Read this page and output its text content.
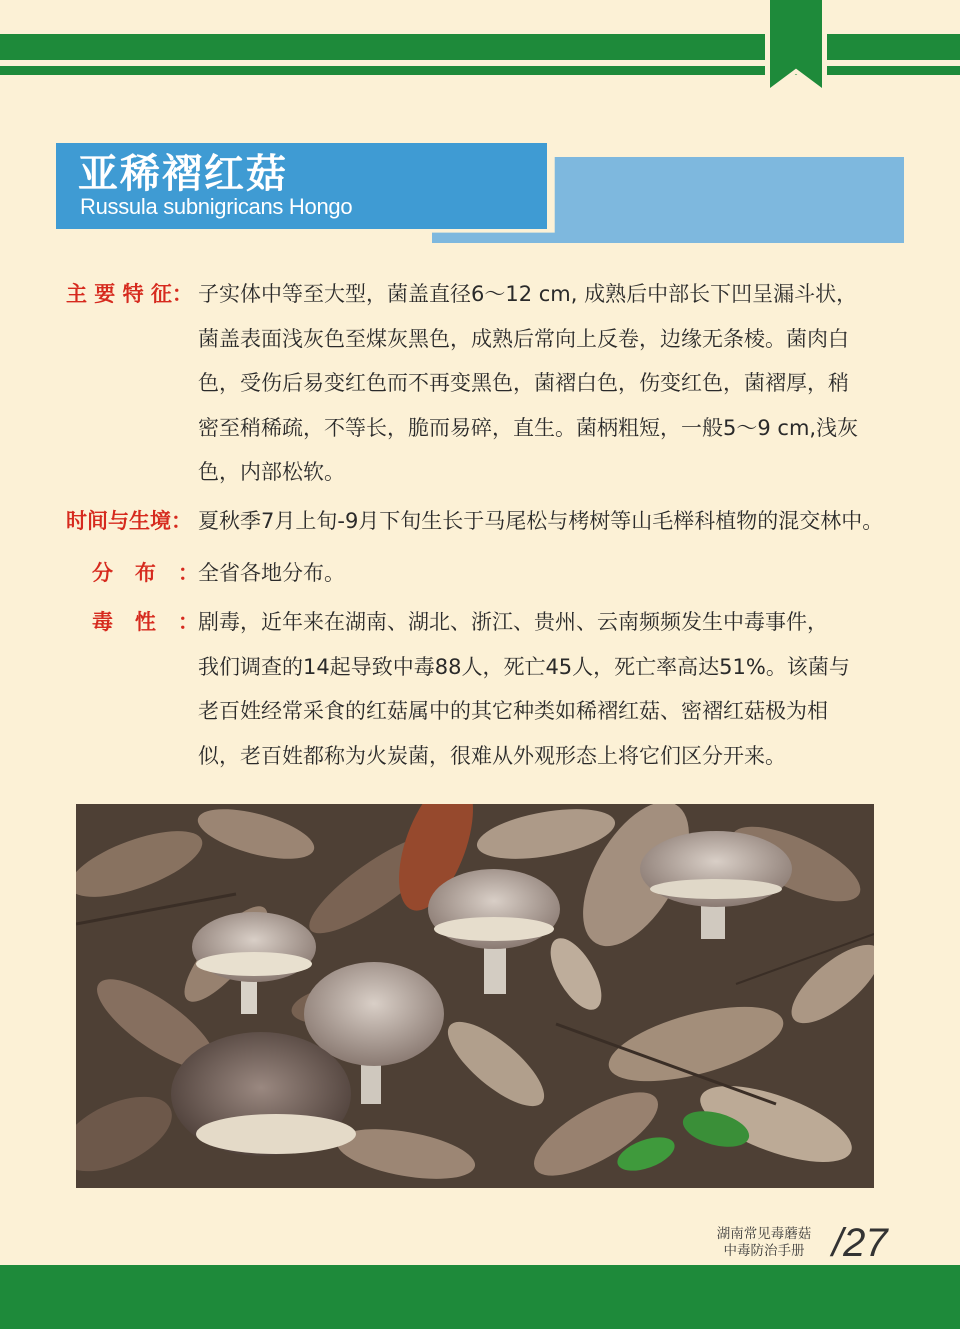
亚稀褶红菇
Russula subnigricans Hongo
主 要 特 征： 子实体中等至大型，菌盖直径6～12 cm, 成熟后中部长下凹呈漏斗状，

菌盖表面浅灰色至煤灰黑色，成熟后常向上反卷，边缘无条棱。菌肉白

色，受伤后易变红色而不再变黑色，菌褶白色，伤变红色，菌褶厚，稍

密至稍稀疏，不等长，脆而易碎，直生。菌柄粗短，一般5～9 cm,浅灰

色，内部松软。

时间与生境： 夏秋季7月上旬-9月下旬生长于马尾松与栲树等山毛榉科植物的混交林中。

分   布   ： 全省各地分布。

毒   性   ： 剧毒，近年来在湖南、湖北、浙江、贵州、云南频频发生中毒事件，

我们调查的14起导致中毒88人，死亡45人，死亡率高达51%。该菌与

老百姓经常采食的红菇属中的其它种类如稀褶红菇、密褶红菇极为相

似，老百姓都称为火炭菌，很难从外观形态上将它们区分开来。

湖南常见毒蘑菇
中毒防治手册 /27
